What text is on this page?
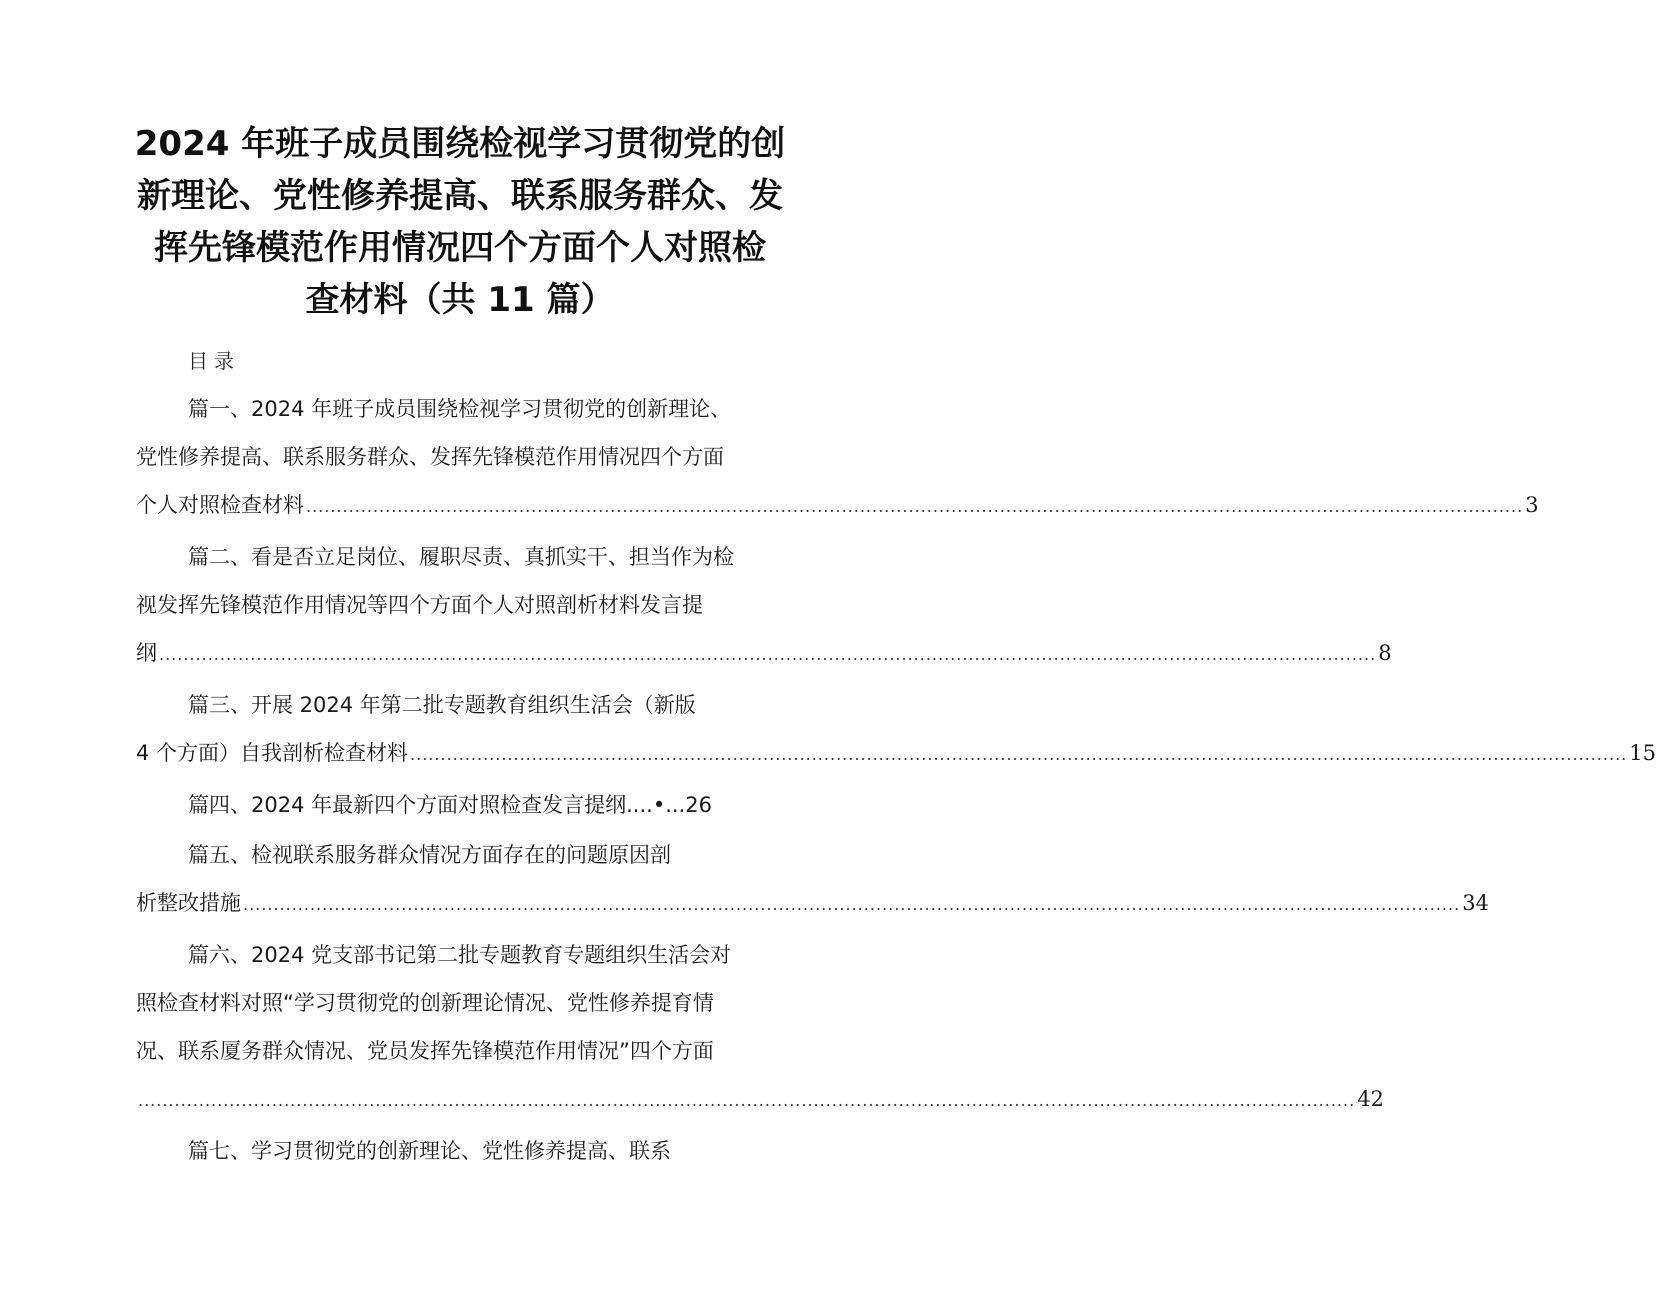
2024 年班子成员围绕检视学习贯彻党的创
新理论、党性修养提高、联系服务群众、发
挥先锋模范作用情况四个方面个人对照检
查材料（共 11 篇）
目录
篇一、2024 年班子成员围绕检视学习贯彻党的创新理论、
党性修养提高、联系服务群众、发挥先锋模范作用情况四个方面
个人对照检查材料 ........................................................................................................................................................................................................ 3
篇二、看是否立足岗位、履职尽责、真抓实干、担当作为检
视发挥先锋模范作用情况等四个方面个人对照剖析材料发言提
纲 ........................................................................................................................................................................................................ 8
篇三、开展 2024 年第二批专题教育组织生活会（新版
4 个方面）自我剖析检查材料 ........................................................................................................................................................................................................ 15
篇四、2024 年最新四个方面对照检查发言提纲....•...26
篇五、检视联系服务群众情况方面存在的问题原因剖
析整改措施 ........................................................................................................................................................................................................ 34
篇六、2024 党支部书记第二批专题教育专题组织生活会对
照检查材料对照“学习贯彻党的创新理论情况、党性修养提育情
况、联系厦务群众情况、党员发挥先锋模范作用情况”四个方面
........................................................................................................................................................................................................ 42
篇七、学习贯彻党的创新理论、党性修养提高、联系
